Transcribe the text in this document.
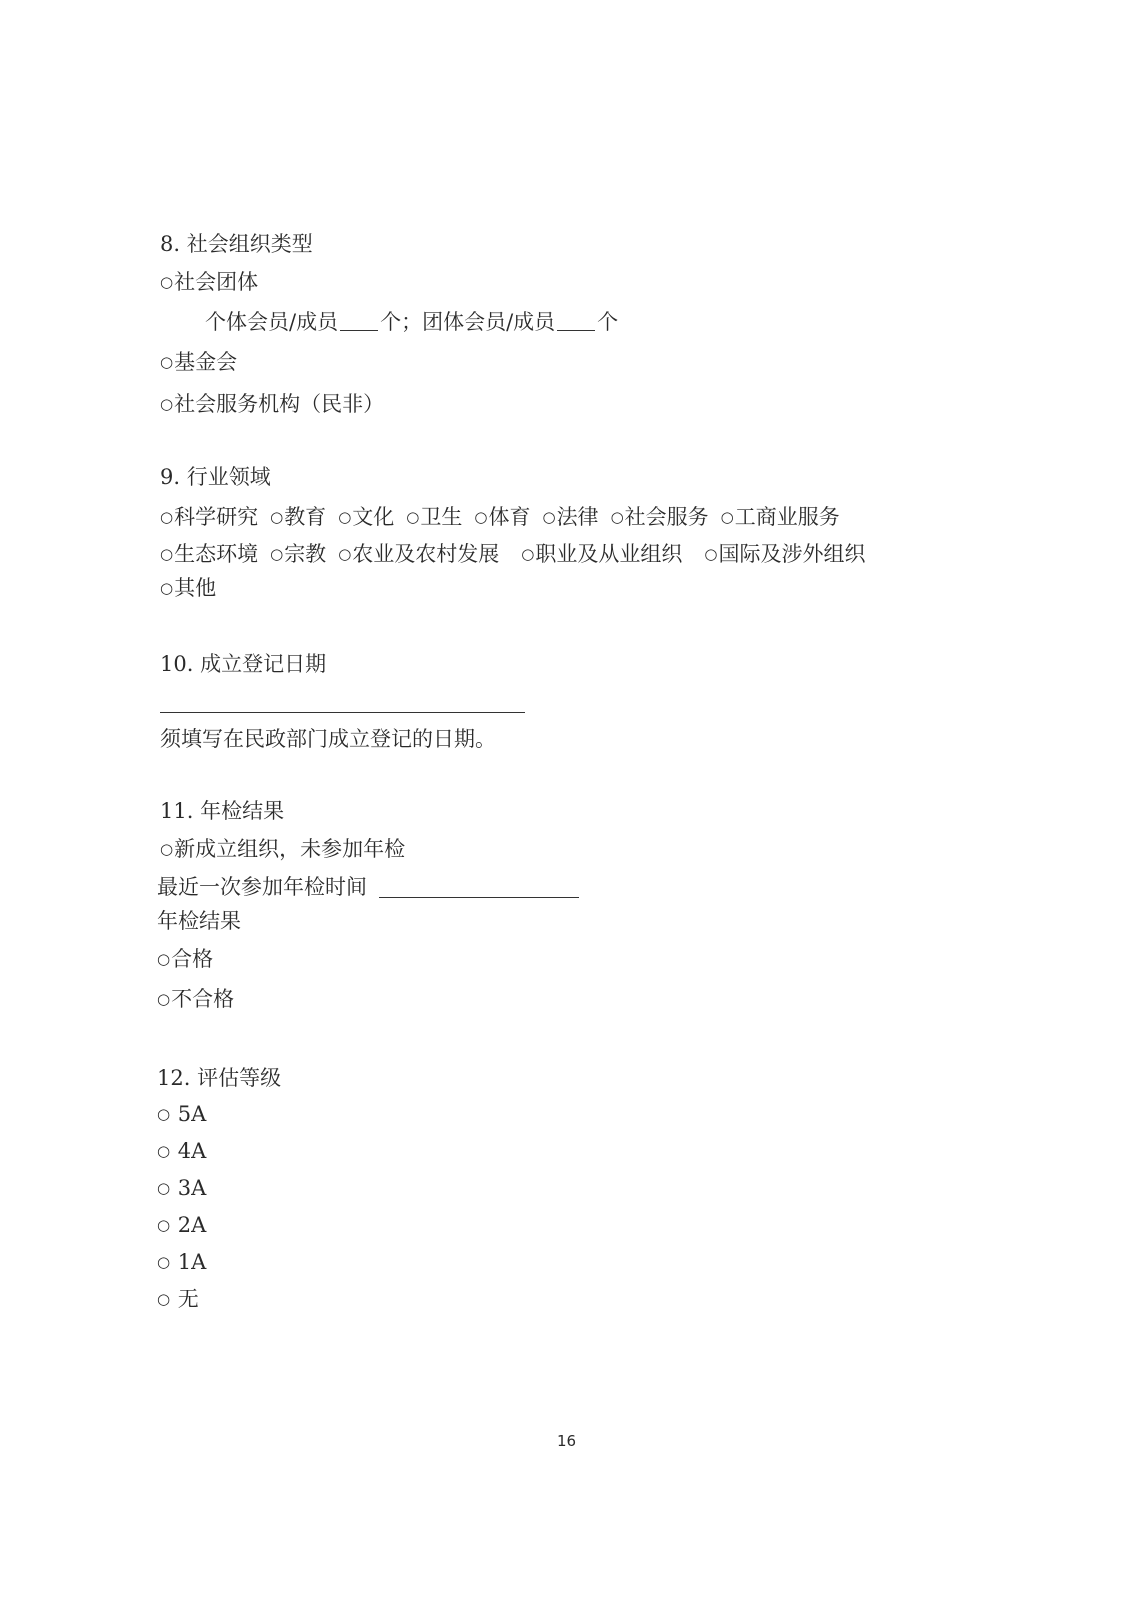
8. 社会组织类型
○社会团体
个体会员/成员 个；团体会员/成员 个
○基金会
○社会服务机构（民非）
9. 行业领域
○科学研究 ○教育 ○文化 ○卫生 ○体育 ○法律 ○社会服务 ○工商业服务
○生态环境 ○宗教 ○农业及农村发展 ○职业及从业组织 ○国际及涉外组织
○其他
10. 成立登记日期
须填写在民政部门成立登记的日期。
11. 年检结果
○新成立组织，未参加年检
最近一次参加年检时间
年检结果
○合格
○不合格
12. 评估等级
○ 5A
○ 4A
○ 3A
○ 2A
○ 1A
○ 无
16
